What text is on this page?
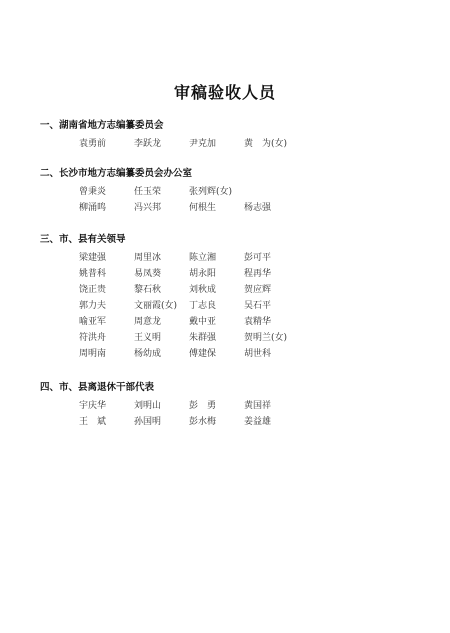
审稿验收人员
一、湖南省地方志编纂委员会
袁勇前	李跃龙	尹克加	黄　为(女)
二、长沙市地方志编纂委员会办公室
曾秉炎	任玉荣	张列辉(女)
柳涌鸣	冯兴邦	何根生	杨志强
三、市、县有关领导
梁建强	周里冰	陈立湘	彭可平
姚普科	易凤葵	胡永阳	程再华
饶正贵	黎石秋	刘秋成	贺应辉
郭力夫	文丽霞(女)	丁志良	吴石平
喻亚军	周意龙	戴中亚	袁精华
符洪舟	王义明	朱群强	贺明兰(女)
周明南	杨幼成	傅建保	胡世科
四、市、县离退休干部代表
宇庆华	刘明山	彭　勇	黄国祥
王　斌	孙国明	彭水梅	姜益雄
